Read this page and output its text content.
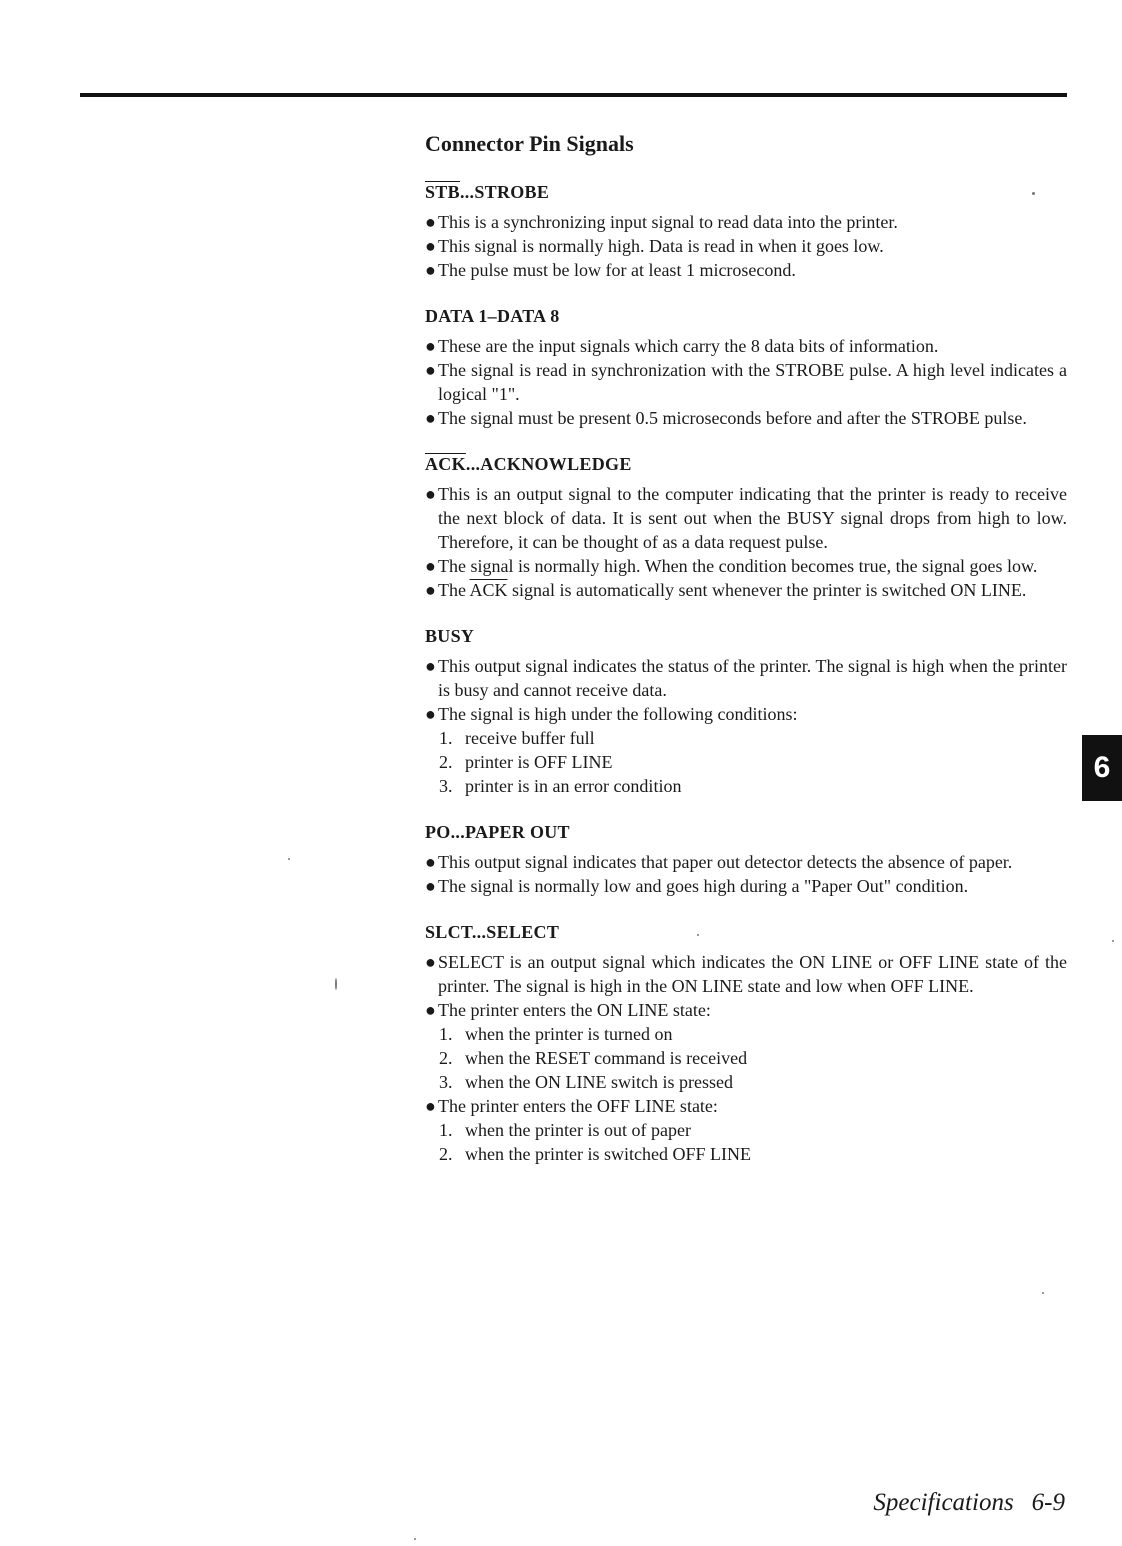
Connector Pin Signals
$\overline{STB}...STROBE$

● This is a synchronizing input signal to read data into the printer.

● This signal is normally high. Data is read in when it goes low.

● The pulse must be low for at least 1 microsecond.

DATA 1–DATA 8

● These are the input signals which carry the 8 data bits of information.

● The signal is read in synchronization with the STROBE pulse. A high level indicates a logical "1".

● The signal must be present 0.5 microseconds before and after the STROBE pulse.

$\overline{ACK}...ACKNOWLEDGE$

● This is an output signal to the computer indicating that the printer is ready to receive the next block of data. It is sent out when the BUSY signal drops from high to low. Therefore, it can be thought of as a data request pulse.

● The signal is normally high. When the condition becomes true, the signal goes low.

● The $\overline{ACK}$ signal is automatically sent whenever the printer is switched ON LINE.

BUSY

● This output signal indicates the status of the printer. The signal is high when the printer is busy and cannot receive data.

● The signal is high under the following conditions:

1. receive buffer full

2. printer is OFF LINE

3. printer is in an error condition

PO...PAPER OUT

● This output signal indicates that paper out detector detects the absence of paper.

● The signal is normally low and goes high during a "Paper Out" condition.

SLCT...SELECT

● SELECT is an output signal which indicates the ON LINE or OFF LINE state of the printer. The signal is high in the ON LINE state and low when OFF LINE.

● The printer enters the ON LINE state:

1. when the printer is turned on

2. when the RESET command is received

3. when the ON LINE switch is pressed

● The printer enters the OFF LINE state:

1. when the printer is out of paper

2. when the printer is switched OFF LINE

6
Specifications 6-9
